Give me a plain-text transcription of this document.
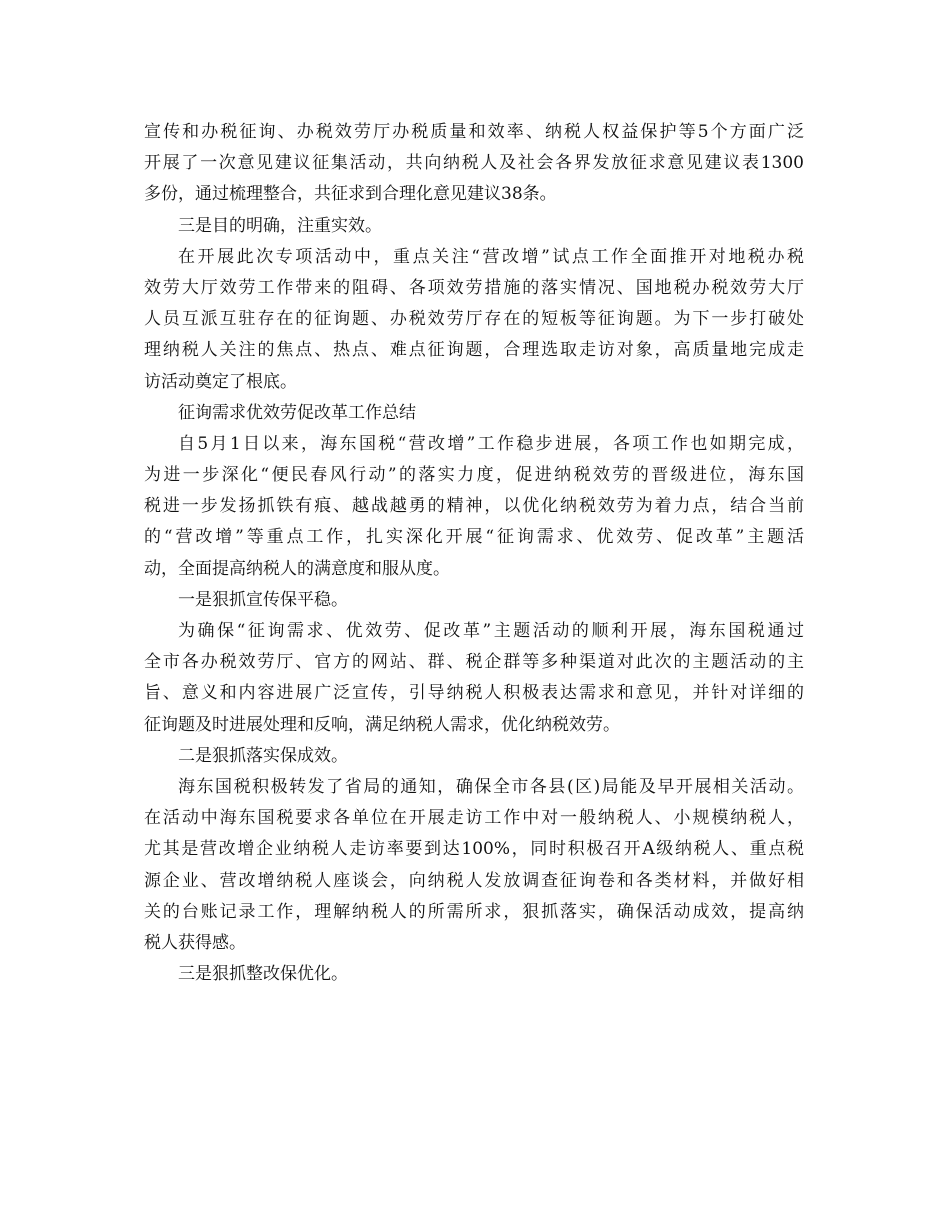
宣传和办税征询、办税效劳厅办税质量和效率、纳税人权益保护等5个方面广泛
开展了一次意见建议征集活动，共向纳税人及社会各界发放征求意见建议表1300
多份，通过梳理整合，共征求到合理化意见建议38条。
三是目的明确，注重实效。
在开展此次专项活动中，重点关注“营改增”试点工作全面推开对地税办税
效劳大厅效劳工作带来的阻碍、各项效劳措施的落实情况、国地税办税效劳大厅
人员互派互驻存在的征询题、办税效劳厅存在的短板等征询题。为下一步打破处
理纳税人关注的焦点、热点、难点征询题，合理选取走访对象，高质量地完成走
访活动奠定了根底。
征询需求优效劳促改革工作总结
自5月1日以来，海东国税“营改增”工作稳步进展，各项工作也如期完成，
为进一步深化“便民春风行动”的落实力度，促进纳税效劳的晋级进位，海东国
税进一步发扬抓铁有痕、越战越勇的精神，以优化纳税效劳为着力点，结合当前
的“营改增”等重点工作，扎实深化开展“征询需求、优效劳、促改革”主题活
动，全面提高纳税人的满意度和服从度。
一是狠抓宣传保平稳。
为确保“征询需求、优效劳、促改革”主题活动的顺利开展，海东国税通过
全市各办税效劳厅、官方的网站、群、税企群等多种渠道对此次的主题活动的主
旨、意义和内容进展广泛宣传，引导纳税人积极表达需求和意见，并针对详细的
征询题及时进展处理和反响，满足纳税人需求，优化纳税效劳。
二是狠抓落实保成效。
海东国税积极转发了省局的通知，确保全市各县(区)局能及早开展相关活动。
在活动中海东国税要求各单位在开展走访工作中对一般纳税人、小规模纳税人，
尤其是营改增企业纳税人走访率要到达100%，同时积极召开A级纳税人、重点税
源企业、营改增纳税人座谈会，向纳税人发放调查征询卷和各类材料，并做好相
关的台账记录工作，理解纳税人的所需所求，狠抓落实，确保活动成效，提高纳
税人获得感。
三是狠抓整改保优化。
